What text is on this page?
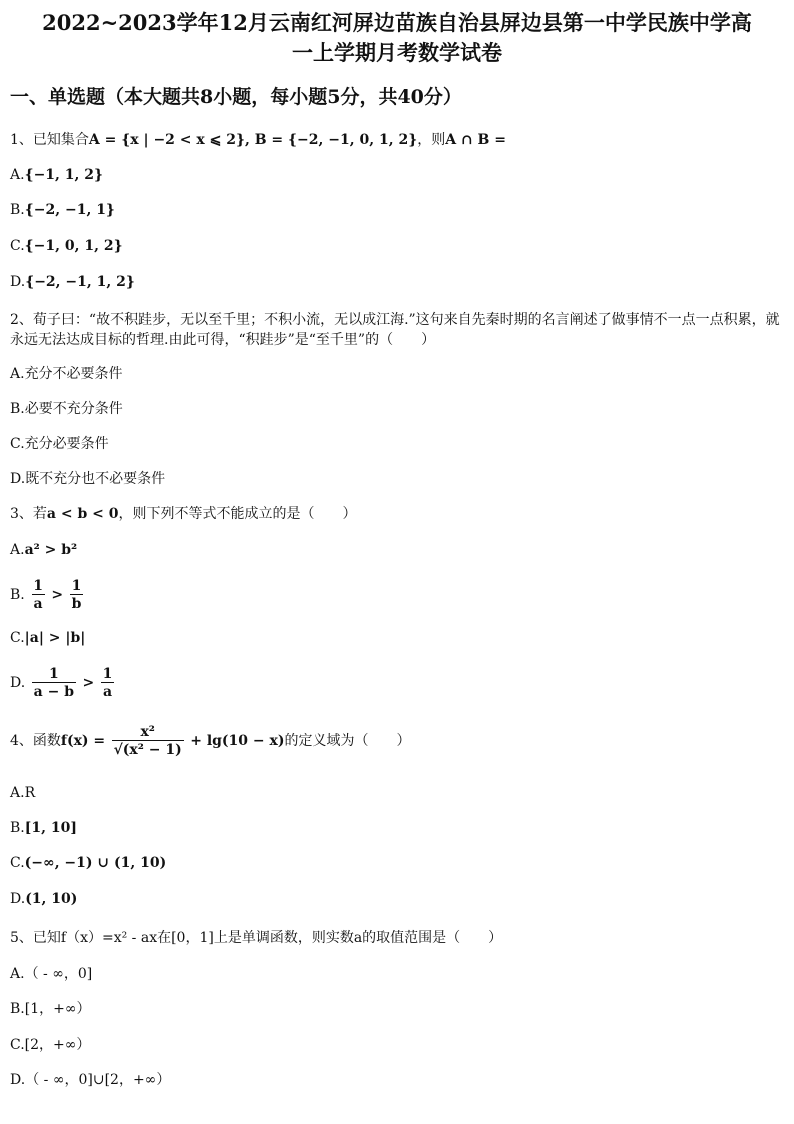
2022~2023学年12月云南红河屏边苗族自治县屏边县第一中学民族中学高
一上学期月考数学试卷
一、单选题（本大题共8小题，每小题5分，共40分）
1、已知集合A = {x | −2 < x ⩽ 2}, B = {−2, −1, 0, 1, 2}，则A ∩ B =
A.{−1, 1, 2}
B.{−2, −1, 1}
C.{−1, 0, 1, 2}
D.{−2, −1, 1, 2}
2、荀子曰：“故不积跬步，无以至千里；不积小流，无以成江海.”这句来自先秦时期的名言阐述了做事情不一点一点积累，就永远无法达成目标的哲理.由此可得，“积跬步”是“至千里”的（　　）
A.充分不必要条件
B.必要不充分条件
C.充分必要条件
D.既不充分也不必要条件
3、若a < b < 0，则下列不等式不能成立的是（　　）
A.a² > b²
B. $\frac{1}{a} > \frac{1}{b}$
C.|a| > |b|
D. $\frac{1}{a - b} > \frac{1}{a}$
4、函数$f(x) = \frac{\text{x²}}{\text{√(x² − 1)}} + \lg(10 - x)$的定义域为（　　）
A.R
B.[1, 10]
C.(−∞, −1) ∪ (1, 10)
D.(1, 10)
5、已知f（x）=x² - ax在[0，1]上是单调函数，则实数a的取值范围是（　　）
A.（ - ∞，0]
B.[1，+∞）
C.[2，+∞）
D.（ - ∞，0]∪[2，+∞）
